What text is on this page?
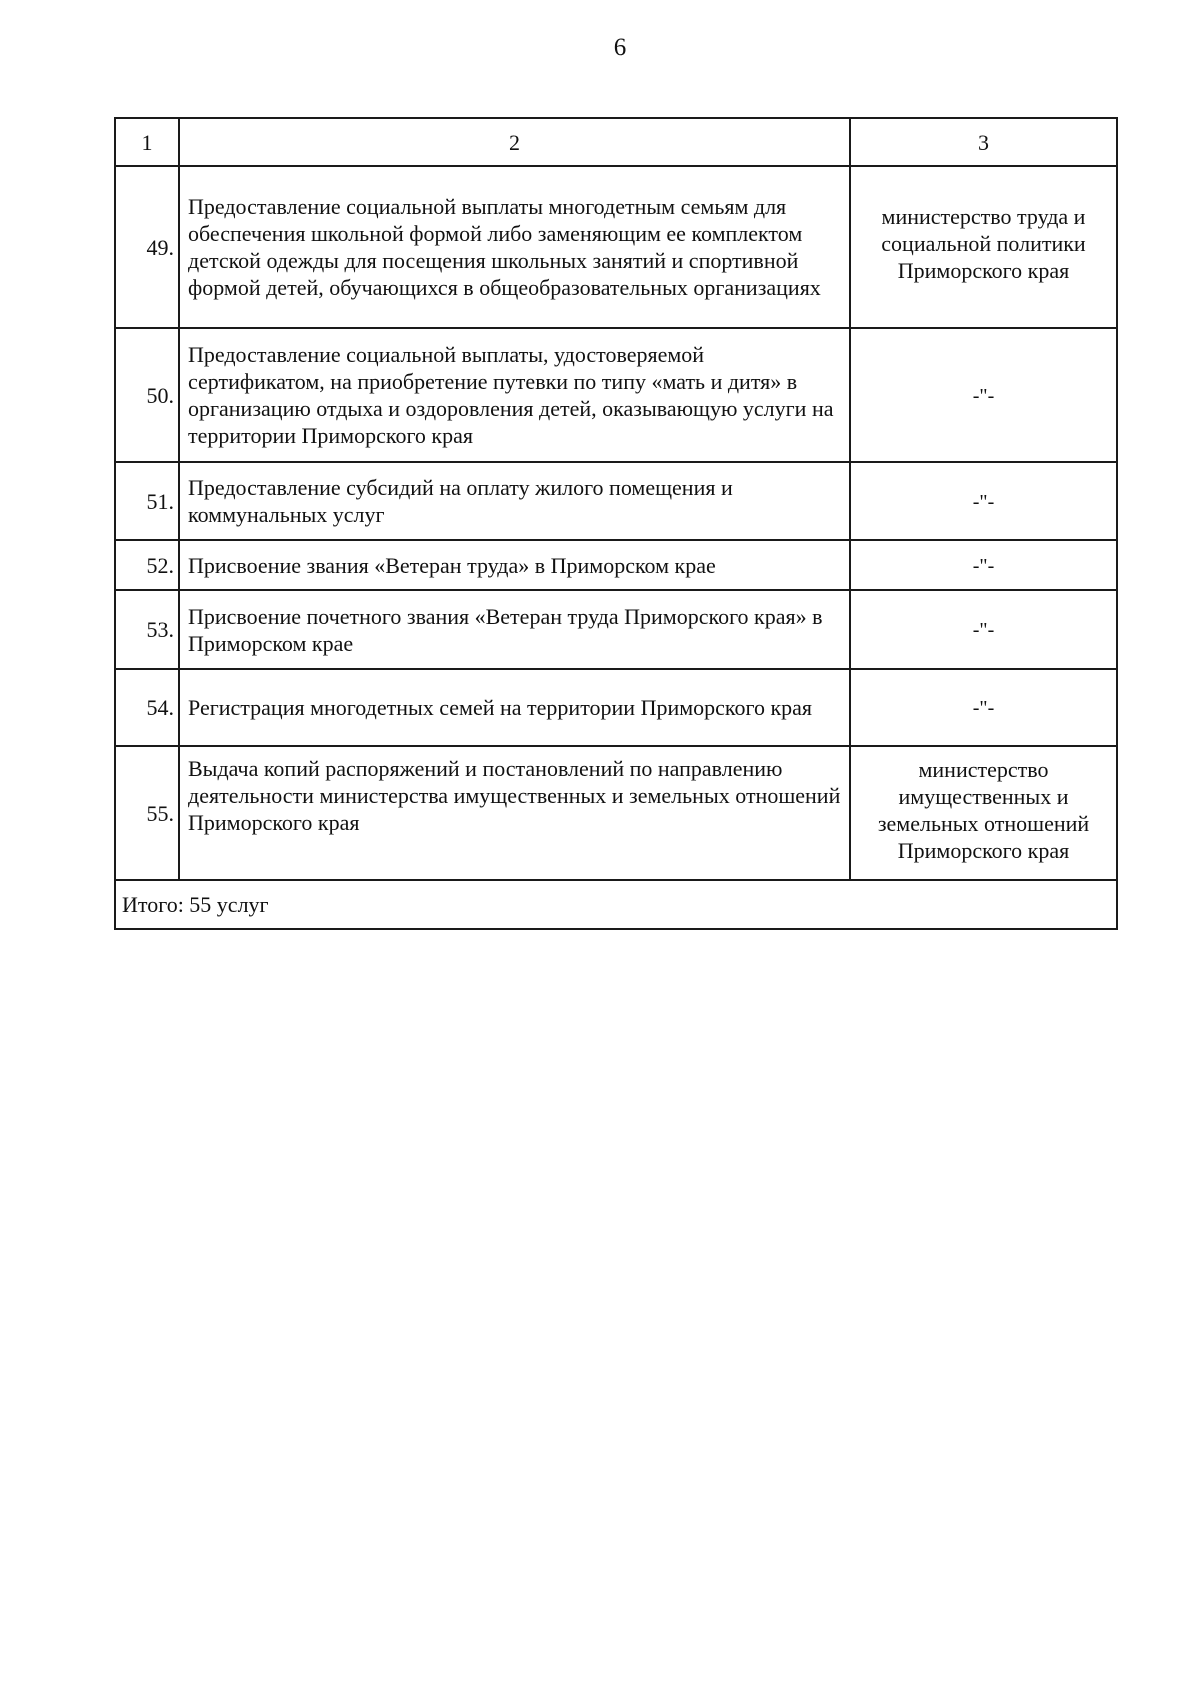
6
1	2	3
49.	Предоставление социальной выплаты многодетным семьям для обеспечения школьной формой либо заменяющим ее комплектом детской одежды для посещения школьных занятий и спортивной формой детей, обучающихся в общеобразовательных организациях	министерство труда и социальной политики Приморского края
50.	Предоставление социальной выплаты, удостоверяемой сертификатом, на приобретение путевки по типу «мать и дитя» в организацию отдыха и оздоровления детей, оказывающую услуги на территории Приморского края	-"-
51.	Предоставление субсидий на оплату жилого помещения и коммунальных услуг	-"-
52.	Присвоение звания «Ветеран труда» в Приморском крае	-"-
53.	Присвоение почетного звания «Ветеран труда Приморского края» в Приморском крае	-"-
54.	Регистрация многодетных семей на территории Приморского края	-"-
55.	Выдача копий распоряжений и постановлений по направлению деятельности министерства имущественных и земельных отношений Приморского края	министерство имущественных и земельных отношений Приморского края
Итого: 55 услуг		
